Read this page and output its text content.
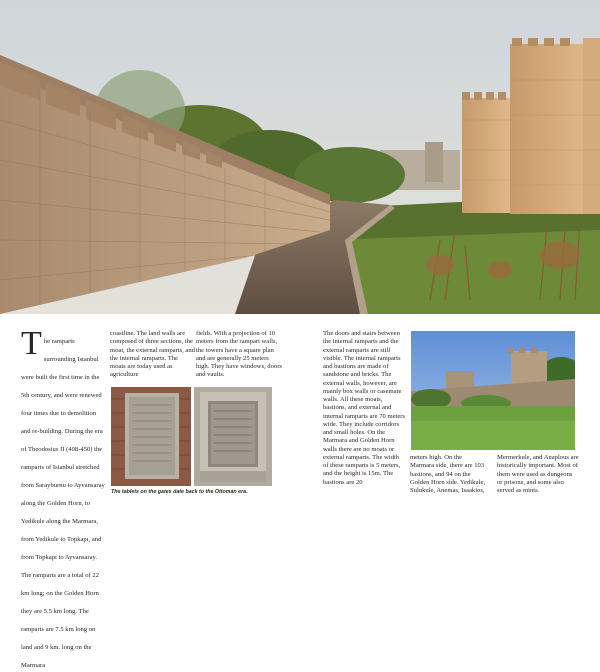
T he ramparts surrounding Istanbul were built the first time in the 5th century, and were renewed four times due to demolition and re-building. During the era of Theodosius II (408-450) the ramparts of Istanbul stretched from Sarayburnu to Ayvansaray along the Golden Horn, to Yedikule along the Marmara, from Yedikule to Topkapı, and from Topkapı to Ayvansaray. The ramparts are a total of 22 km long; on the Golden Horn they are 5.5 km long. The ramparts are 7.5 km long on land and 9 km. long on the Marmara

coastline. The land walls are composed of three sections, the moat, the external ramparts, and the internal ramparts. The moats are today used as agriculture

fields. With a projection of 10 meters from the rampart walls, the towers have a square plan and are generally 25 meters high. They have windows, doors and vaults.

The tablets on the gates date back to the Ottoman era.

The doors and stairs between the internal ramparts and the external ramparts are still visible. The internal ramparts and bastions are made of sandstone and bricks. The external walls, however, are mainly box walls or casemate walls. All these moats, bastions, and external and internal ramparts are 70 meters wide. They include corridors and small holes. On the Marmara and Golden Horn walls there are no moats or external ramparts. The width of these ramparts is 5 meters, and the height is 15m. The bastions are 20

meters high. On the Marmara side, there are 103 bastions, and 94 on the Golden Horn side. Yedikule, Sulukule, Anemas, Isaakios,

Mermerkule, and Anaplous are historically important. Most of them were used as dungeons or prisons, and some also served as mints.
